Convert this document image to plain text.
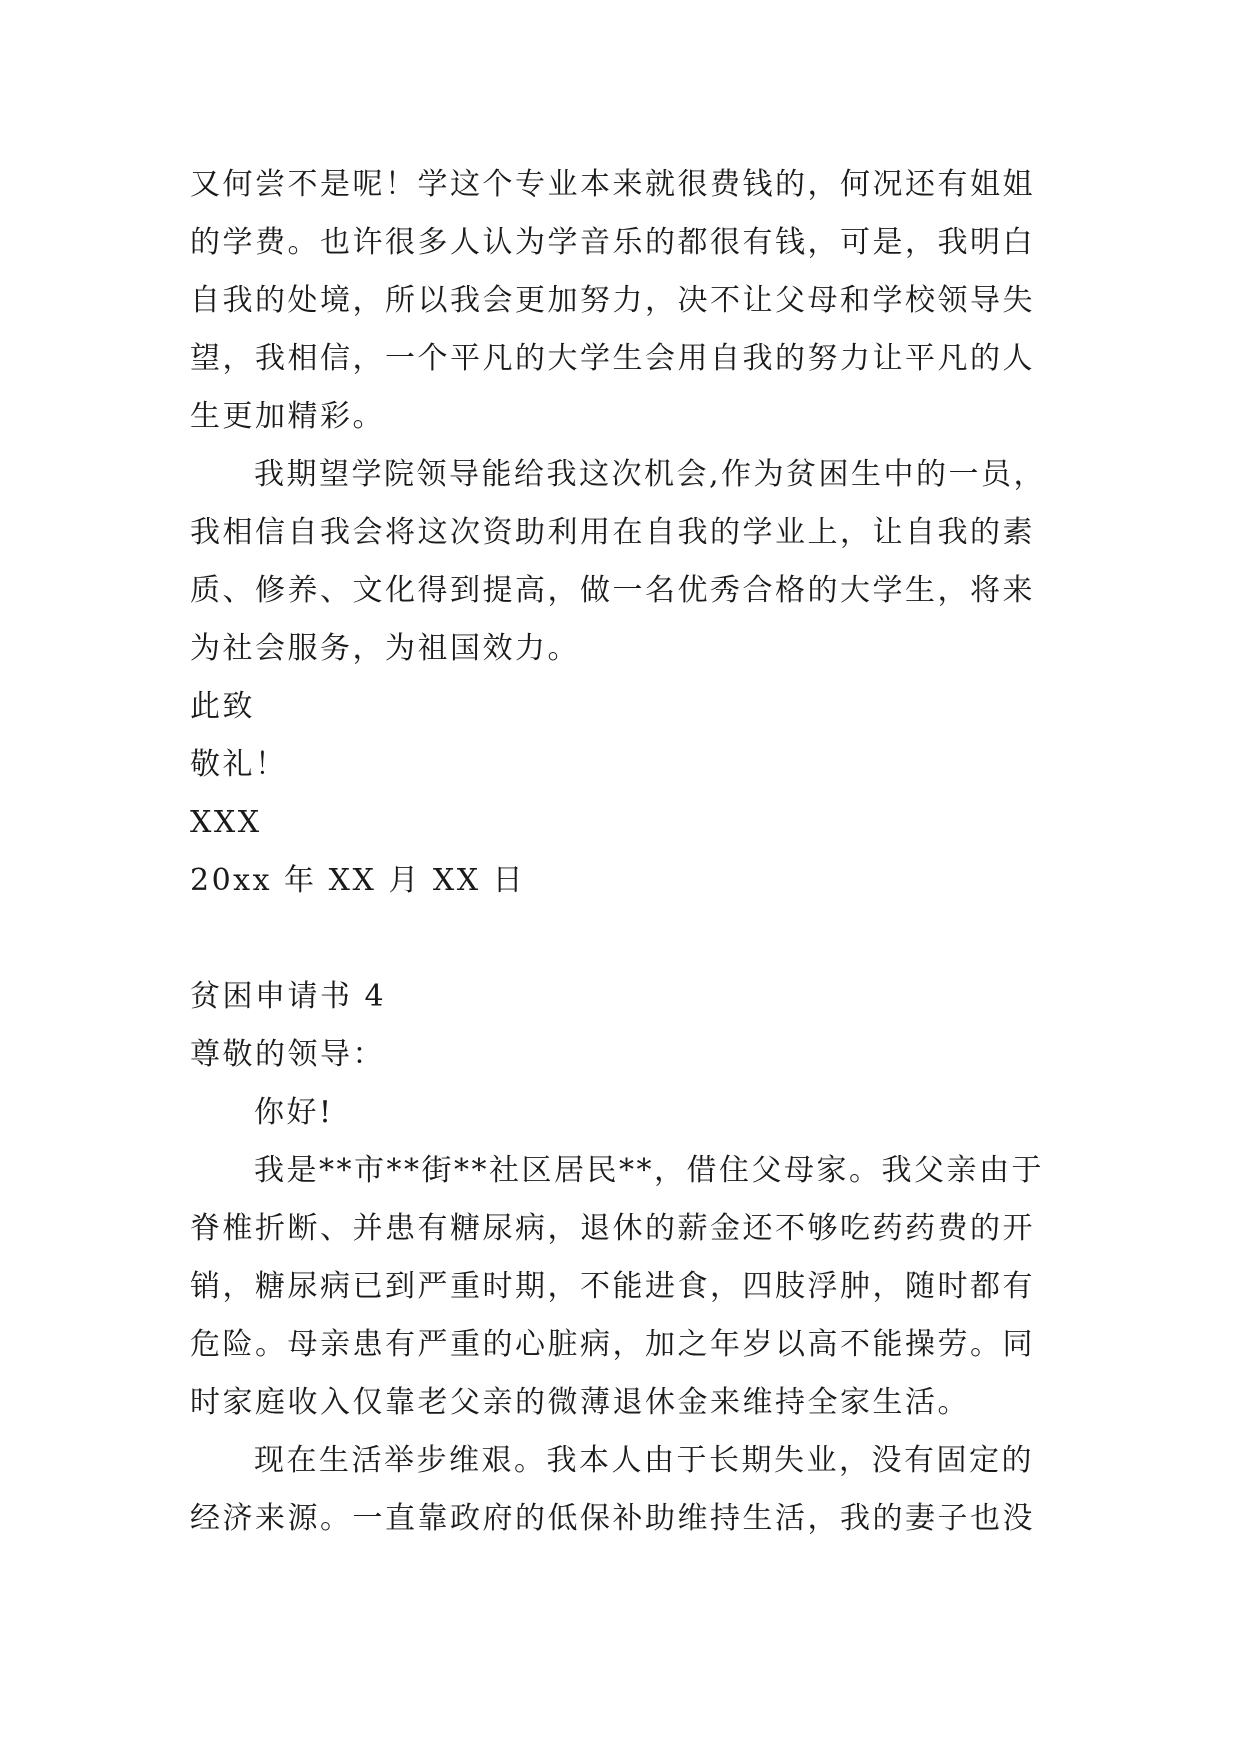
又何尝不是呢！学这个专业本来就很费钱的，何况还有姐姐
的学费。也许很多人认为学音乐的都很有钱，可是，我明白
自我的处境，所以我会更加努力，决不让父母和学校领导失
望，我相信，一个平凡的大学生会用自我的努力让平凡的人
生更加精彩。
我期望学院领导能给我这次机会,作为贫困生中的一员，
我相信自我会将这次资助利用在自我的学业上，让自我的素
质、修养、文化得到提高，做一名优秀合格的大学生，将来
为社会服务，为祖国效力。
此致
敬礼！
XXX
20xx 年 XX 月 XX 日
贫困申请书 4
尊敬的领导：
你好!
我是**市**街**社区居民**，借住父母家。我父亲由于
脊椎折断、并患有糖尿病，退休的薪金还不够吃药药费的开
销，糖尿病已到严重时期，不能进食，四肢浮肿，随时都有
危险。母亲患有严重的心脏病，加之年岁以高不能操劳。同
时家庭收入仅靠老父亲的微薄退休金来维持全家生活。
现在生活举步维艰。我本人由于长期失业，没有固定的
经济来源。一直靠政府的低保补助维持生活，我的妻子也没
